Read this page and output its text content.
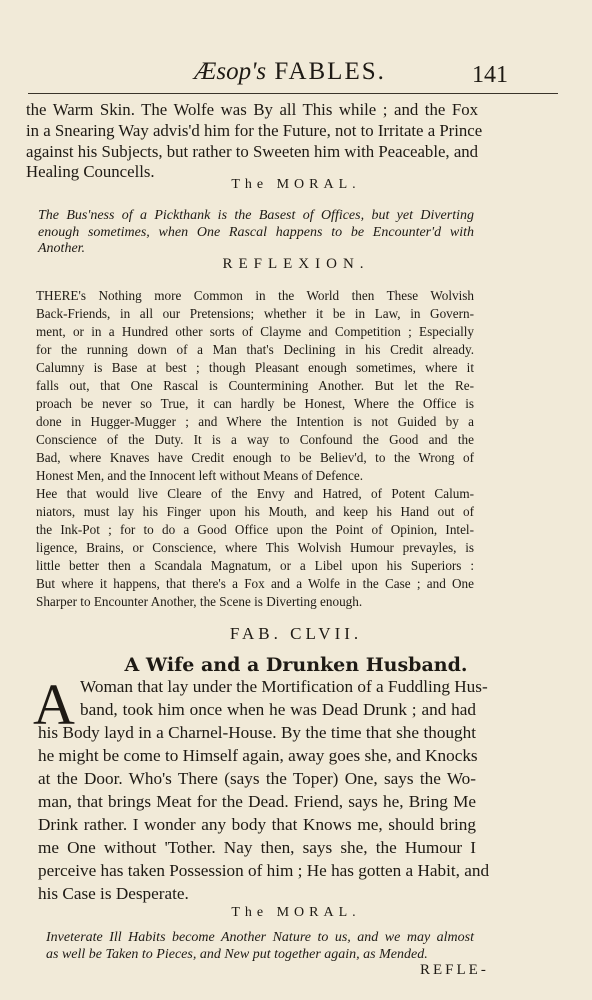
Æsop's FABLES.	141
the Warm Skin. The Wolfe was By all This while ; and the Fox
in a Snearing Way advis'd him for the Future, not to Irritate a Prince
against his Subjects, but rather to Sweeten him with Peaceable, and
Healing Councells.
The MORAL.
The Bus'ness of a Pickthank is the Basest of Offices, but yet Diverting
enough sometimes, when One Rascal happens to be Encounter'd with
Another.
REFLEXION.
THERE's Nothing more Common in the World then These Wolvish
Back-Friends, in all our Pretensions; whether it be in Law, in Govern-
ment, or in a Hundred other sorts of Clayme and Competition ; Especially
for the running down of a Man that's Declining in his Credit already.
Calumny is Base at best ; though Pleasant enough sometimes, where it
falls out, that One Rascal is Countermining Another. But let the Re-
proach be never so True, it can hardly be Honest, Where the Office is
done in Hugger-Mugger ; and Where the Intention is not Guided by a
Conscience of the Duty. It is a way to Confound the Good and the
Bad, where Knaves have Credit enough to be Believ'd, to the Wrong of
Honest Men, and the Innocent left without Means of Defence.
Hee that would live Cleare of the Envy and Hatred, of Potent Calum-
niators, must lay his Finger upon his Mouth, and keep his Hand out of
the Ink-Pot ; for to do a Good Office upon the Point of Opinion, Intel-
ligence, Brains, or Conscience, where This Wolvish Humour prevayles, is
little better then a Scandala Magnatum, or a Libel upon his Superiors :
But where it happens, that there's a Fox and a Wolfe in the Case ; and One
Sharper to Encounter Another, the Scene is Diverting enough.
FAB. CLVII.
A Wife and a Drunken Husband.
A Woman that lay under the Mortification of a Fuddling Hus-
band, took him once when he was Dead Drunk ; and had
his Body layd in a Charnel-House. By the time that she thought
he might be come to Himself again, away goes she, and Knocks
at the Door. Who's There (says the Toper) One, says the Wo-
man, that brings Meat for the Dead. Friend, says he, Bring Me
Drink rather. I wonder any body that Knows me, should bring
me One without 'Tother. Nay then, says she, the Humour I
perceive has taken Possession of him ; He has gotten a Habit, and
his Case is Desperate.
The MORAL.
Inveterate Ill Habits become Another Nature to us, and we may almost
as well be Taken to Pieces, and New put together again, as Mended.
REFLE-
